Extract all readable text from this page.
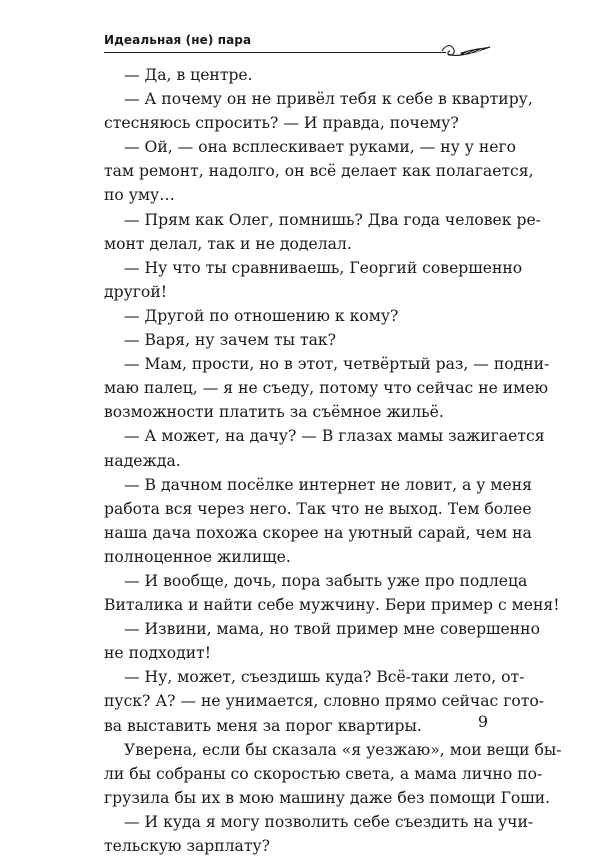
Идеальная (не) пара
— Да, в центре.
— А почему он не привёл тебя к себе в квартиру,
стесняюсь спросить? — И правда, почему?
— Ой, — она всплескивает руками, — ну у него
там ремонт, надолго, он всё делает как полагается,
по уму…
— Прям как Олег, помнишь? Два года человек ре-
монт делал, так и не доделал.
— Ну что ты сравниваешь, Георгий совершенно
другой!
— Другой по отношению к кому?
— Варя, ну зачем ты так?
— Мам, прости, но в этот, четвёртый раз, — подни-
маю палец, — я не съеду, потому что сейчас не имею
возможности платить за съёмное жильё.
— А может, на дачу? — В глазах мамы зажигается
надежда.
— В дачном посёлке интернет не ловит, а у меня
работа вся через него. Так что не выход. Тем более
наша дача похожа скорее на уютный сарай, чем на
полноценное жилище.
— И вообще, дочь, пора забыть уже про подлеца
Виталика и найти себе мужчину. Бери пример с меня!
— Извини, мама, но твой пример мне совершенно
не подходит!
— Ну, может, съездишь куда? Всё-таки лето, от-
пуск? А? — не унимается, словно прямо сейчас гото-
ва выставить меня за порог квартиры.
Уверена, если бы сказала «я уезжаю», мои вещи бы-
ли бы собраны со скоростью света, а мама лично по-
грузила бы их в мою машину даже без помощи Гоши.
— И куда я могу позволить себе съездить на учи-
тельскую зарплату?
9
